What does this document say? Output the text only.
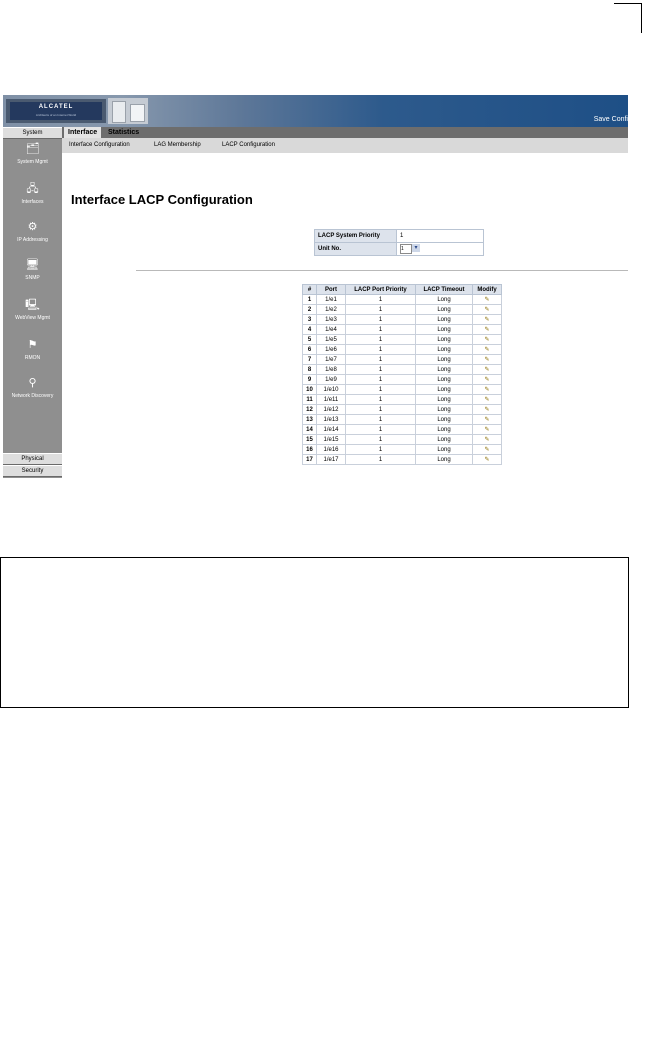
ALCATEL
Architects of an Internet World
Save Confi
System
🗂
System Mgmt
🖧
Interfaces
⚙
IP Addressing
🖥
SNMP
🖳
WebView Mgmt
⚑
RMON
⚲
Network Discovery
Physical
Security
Interface	Statistics
Interface Configuration	LAG Membership	LACP Configuration
Interface LACP Configuration
LACP System Priority	1
Unit No.	1 ▾
#	Port	LACP Port Priority	LACP Timeout	Modify
1	1/e1	1	Long	✎
2	1/e2	1	Long	✎
3	1/e3	1	Long	✎
4	1/e4	1	Long	✎
5	1/e5	1	Long	✎
6	1/e6	1	Long	✎
7	1/e7	1	Long	✎
8	1/e8	1	Long	✎
9	1/e9	1	Long	✎
10	1/e10	1	Long	✎
11	1/e11	1	Long	✎
12	1/e12	1	Long	✎
13	1/e13	1	Long	✎
14	1/e14	1	Long	✎
15	1/e15	1	Long	✎
16	1/e16	1	Long	✎
17	1/e17	1	Long	✎
